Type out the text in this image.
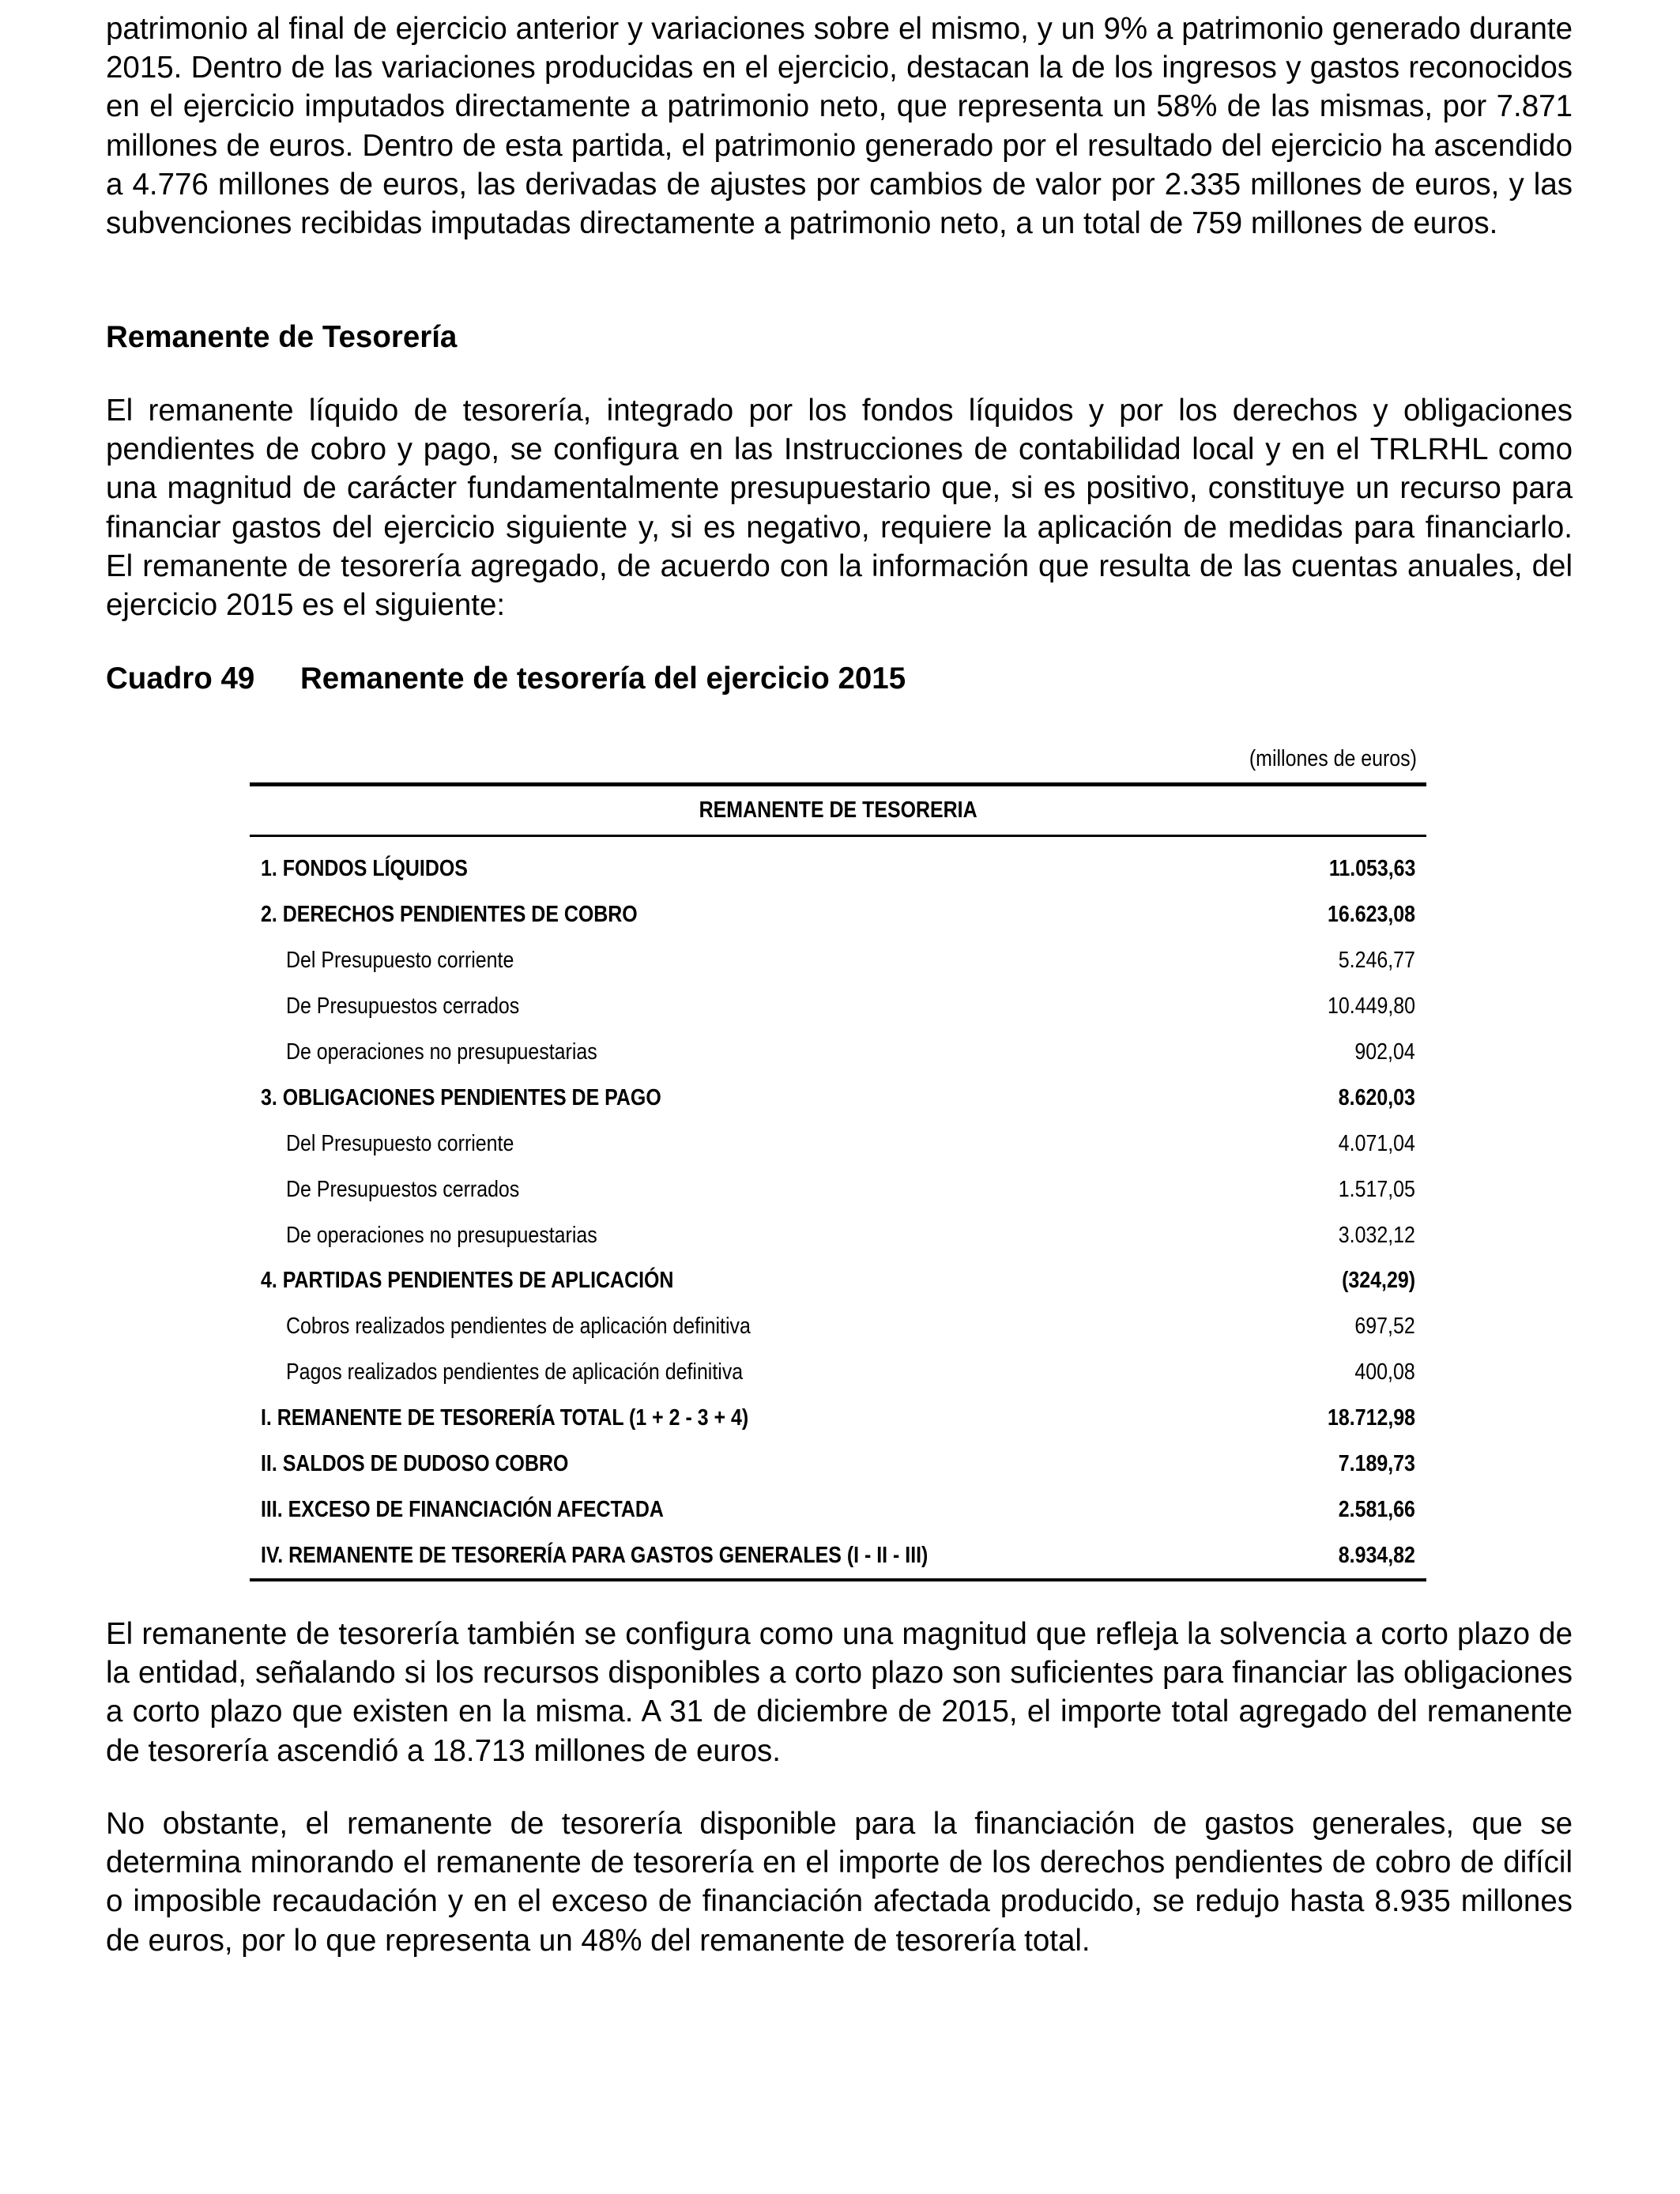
patrimonio al final de ejercicio anterior y variaciones sobre el mismo, y un 9% a patrimonio generado durante 2015. Dentro de las variaciones producidas en el ejercicio, destacan la de los ingresos y gastos reconocidos en el ejercicio imputados directamente a patrimonio neto, que representa un 58% de las mismas, por 7.871 millones de euros. Dentro de esta partida, el patrimonio generado por el resultado del ejercicio ha ascendido a 4.776 millones de euros, las derivadas de ajustes por cambios de valor por 2.335 millones de euros, y las subvenciones recibidas imputadas directamente a patrimonio neto, a un total de 759 millones de euros.

Remanente de Tesorería

El remanente líquido de tesorería, integrado por los fondos líquidos y por los derechos y obligaciones pendientes de cobro y pago, se configura en las Instrucciones de contabilidad local y en el TRLRHL como una magnitud de carácter fundamentalmente presupuestario que, si es positivo, constituye un recurso para financiar gastos del ejercicio siguiente y, si es negativo, requiere la aplicación de medidas para financiarlo. El remanente de tesorería agregado, de acuerdo con la información que resulta de las cuentas anuales, del ejercicio 2015 es el siguiente:

Cuadro 49 Remanente de tesorería del ejercicio 2015

El remanente de tesorería también se configura como una magnitud que refleja la solvencia a corto plazo de la entidad, señalando si los recursos disponibles a corto plazo son suficientes para financiar las obligaciones a corto plazo que existen en la misma. A 31 de diciembre de 2015, el importe total agregado del remanente de tesorería ascendió a 18.713 millones de euros.

No obstante, el remanente de tesorería disponible para la financiación de gastos generales, que se determina minorando el remanente de tesorería en el importe de los derechos pendientes de cobro de difícil o imposible recaudación y en el exceso de financiación afectada producido, se redujo hasta 8.935 millones de euros, por lo que representa un 48% del remanente de tesorería total.

(millones de euros)
REMANENTE DE TESORERIA	
1. FONDOS LÍQUIDOS	11.053,63
2. DERECHOS PENDIENTES DE COBRO	16.623,08
Del Presupuesto corriente	5.246,77
De Presupuestos cerrados	10.449,80
De operaciones no presupuestarias	902,04
3. OBLIGACIONES PENDIENTES DE PAGO	8.620,03
Del Presupuesto corriente	4.071,04
De Presupuestos cerrados	1.517,05
De operaciones no presupuestarias	3.032,12
4. PARTIDAS PENDIENTES DE APLICACIÓN	(324,29)
Cobros realizados pendientes de aplicación definitiva	697,52
Pagos realizados pendientes de aplicación definitiva	400,08
I. REMANENTE DE TESORERÍA TOTAL (1 + 2 - 3 + 4)	18.712,98
II. SALDOS DE DUDOSO COBRO	7.189,73
III. EXCESO DE FINANCIACIÓN AFECTADA	2.581,66
IV. REMANENTE DE TESORERÍA PARA GASTOS GENERALES (I - II - III)	8.934,82
